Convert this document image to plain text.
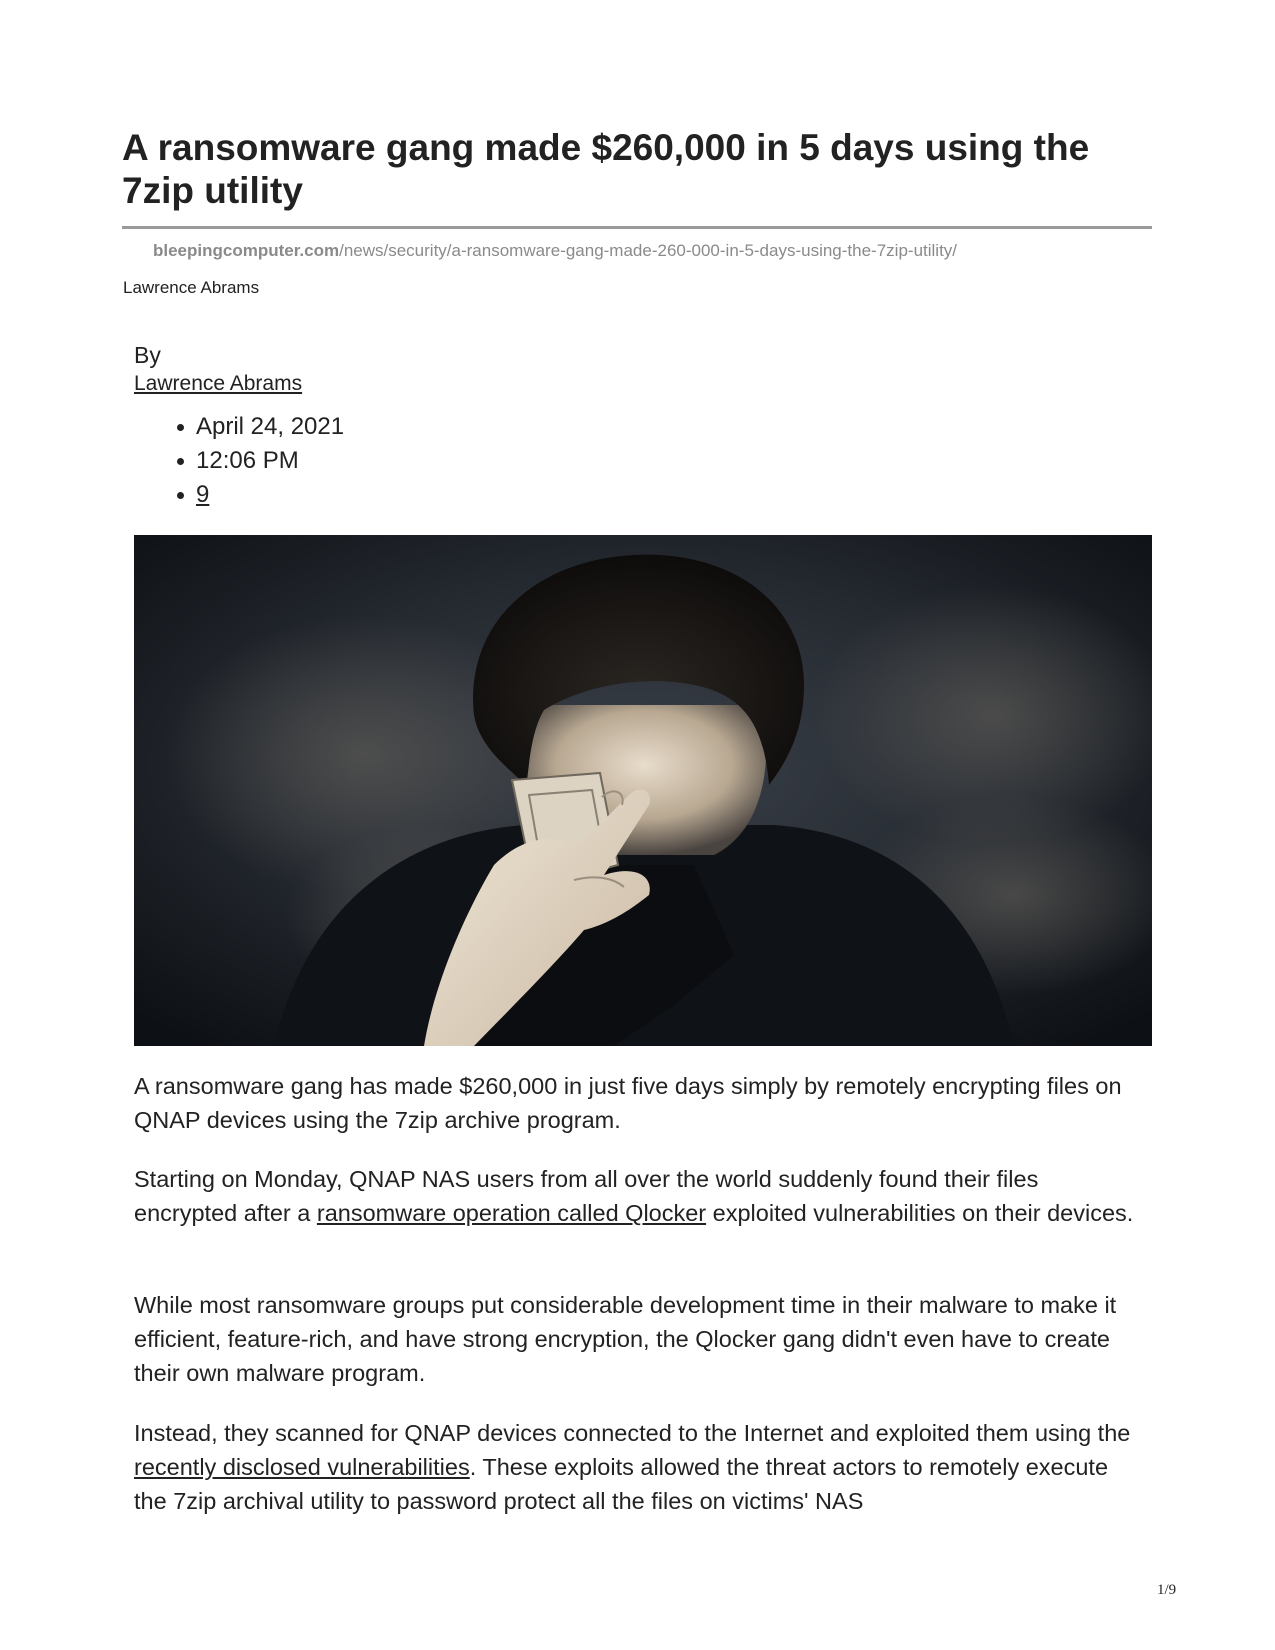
A ransomware gang made $260,000 in 5 days using the 7zip utility
bleepingcomputer.com/news/security/a-ransomware-gang-made-260-000-in-5-days-using-the-7zip-utility/
Lawrence Abrams
By
Lawrence Abrams
April 24, 2021
12:06 PM
9

A ransomware gang has made $260,000 in just five days simply by remotely encrypting files on QNAP devices using the 7zip archive program.

Starting on Monday, QNAP NAS users from all over the world suddenly found their files encrypted after a ransomware operation called Qlocker exploited vulnerabilities on their devices.

While most ransomware groups put considerable development time in their malware to make it efficient, feature-rich, and have strong encryption, the Qlocker gang didn't even have to create their own malware program.

Instead, they scanned for QNAP devices connected to the Internet and exploited them using the recently disclosed vulnerabilities. These exploits allowed the threat actors to remotely execute the 7zip archival utility to password protect all the files on victims' NAS

1/9
